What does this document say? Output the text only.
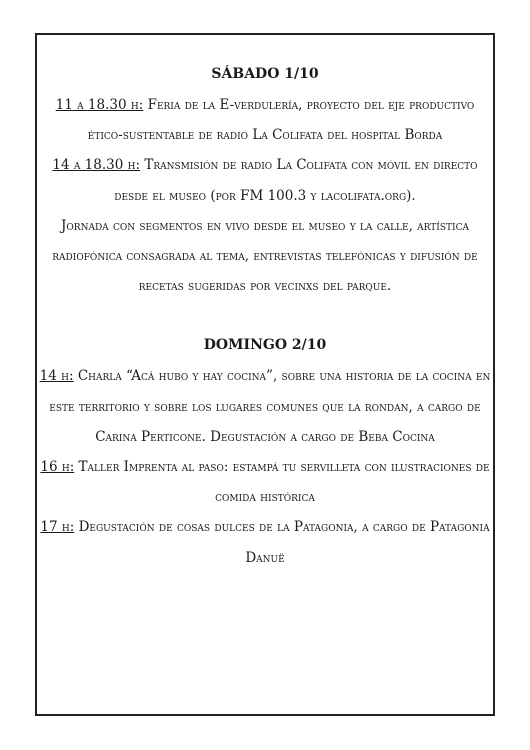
SÁBADO 1/10

11 a 18.30 h: Feria de la E-verdulería, proyecto del eje productivo ético-sustentable de radio La Colifata del hospital Borda

14 a 18.30 h: Transmisión de radio La Colifata con móvil en directo desde el museo (por FM 100.3 y lacolifata.org).

Jornada con segmentos en vivo desde el museo y la calle, artística radiofónica consagrada al tema, entrevistas telefónicas y difusión de recetas sugeridas por vecinxs del parque.

DOMINGO 2/10

14 h: Charla “Acá hubo y hay cocina”, sobre una historia de la cocina en este territorio y sobre los lugares comunes que la rondan, a cargo de Carina Perticone. Degustación a cargo de Beba Cocina

16 h: Taller Imprenta al paso: estampá tu servilleta con ilustraciones de comida histórica

17 h: Degustación de cosas dulces de la Patagonia, a cargo de Patagonia Danuë
